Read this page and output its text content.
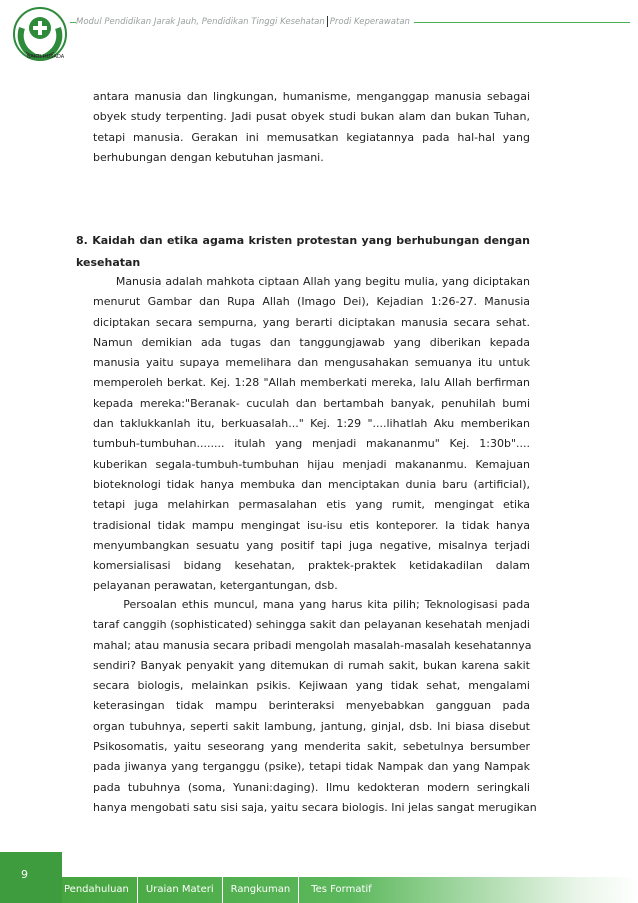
BAKTI HUSADA
Modul Pendidikan Jarak Jauh, Pendidikan Tinggi Kesehatan Prodi Keperawatan
antara manusia dan lingkungan, humanisme, menganggap manusia sebagai
obyek study terpenting. Jadi pusat obyek studi bukan alam dan bukan Tuhan,
tetapi manusia. Gerakan ini memusatkan kegiatannya pada hal-hal yang
berhubungan dengan kebutuhan jasmani.
8. Kaidah dan etika agama kristen protestan yang berhubungan dengan
kesehatan
Manusia adalah mahkota ciptaan Allah yang begitu mulia, yang diciptakan
menurut Gambar dan Rupa Allah (Imago Dei), Kejadian 1:26-27. Manusia
diciptakan secara sempurna, yang berarti diciptakan manusia secara sehat.
Namun demikian ada tugas dan tanggungjawab yang diberikan kepada
manusia yaitu supaya memelihara dan mengusahakan semuanya itu untuk
memperoleh berkat. Kej. 1:28 "Allah memberkati mereka, lalu Allah berfirman
kepada mereka:"Beranak- cuculah dan bertambah banyak, penuhilah bumi
dan taklukkanlah itu, berkuasalah..." Kej. 1:29 "....lihatlah Aku memberikan
tumbuh-tumbuhan........ itulah yang menjadi makananmu" Kej. 1:30b"....
kuberikan segala-tumbuh-tumbuhan hijau menjadi makananmu. Kemajuan
bioteknologi tidak hanya membuka dan menciptakan dunia baru (artificial),
tetapi juga melahirkan permasalahan etis yang rumit, mengingat etika
tradisional tidak mampu mengingat isu-isu etis konteporer. Ia tidak hanya
menyumbangkan sesuatu yang positif tapi juga negative, misalnya terjadi
komersialisasi bidang kesehatan, praktek-praktek ketidakadilan dalam
pelayanan perawatan, ketergantungan, dsb.
Persoalan ethis muncul, mana yang harus kita pilih; Teknologisasi pada
taraf canggih (sophisticated) sehingga sakit dan pelayanan kesehatah menjadi
mahal; atau manusia secara pribadi mengolah masalah-masalah kesehatannya
sendiri? Banyak penyakit yang ditemukan di rumah sakit, bukan karena sakit
secara biologis, melainkan psikis. Kejiwaan yang tidak sehat, mengalami
keterasingan tidak mampu berinteraksi menyebabkan gangguan pada
organ tubuhnya, seperti sakit lambung, jantung, ginjal, dsb. Ini biasa disebut
Psikosomatis, yaitu seseorang yang menderita sakit, sebetulnya bersumber
pada jiwanya yang terganggu (psike), tetapi tidak Nampak dan yang Nampak
pada tubuhnya (soma, Yunani:daging). Ilmu kedokteran modern seringkali
hanya mengobati satu sisi saja, yaitu secara biologis. Ini jelas sangat merugikan
9
Pendahuluan	Uraian Materi	Rangkuman	Tes Formatif
